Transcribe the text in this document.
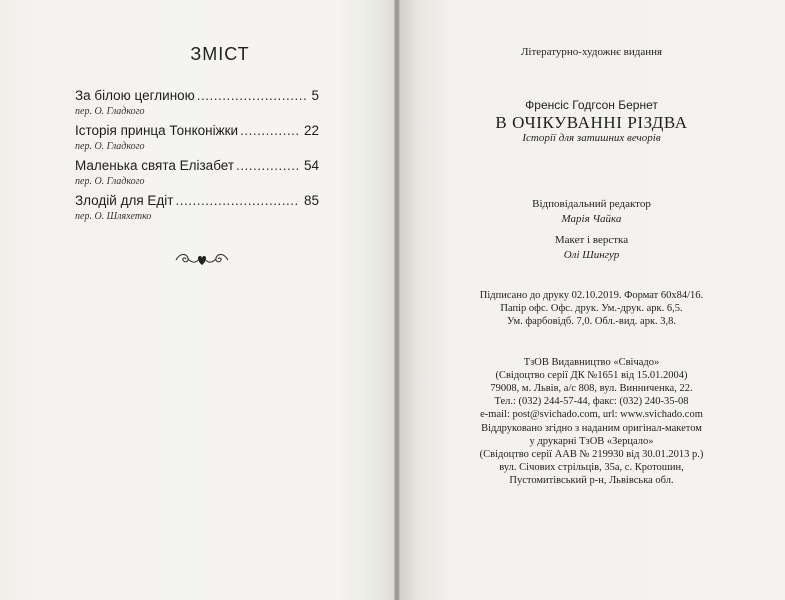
ЗМІСТ
За білою цеглиною .....	5
пер. О. Гладкого
Історія принца Тонконіжки .....	22
пер. О. Гладкого
Маленька свята Елізабет .....	54
пер. О. Гладкого
Злодій для Едіт .....	85
пер. О. Шляхетко
Літературно-художнє видання
Френсіс Годгсон Бернет
В ОЧІКУВАННІ РІЗДВА
Історії для затишних вечорів
Відповідальний редактор
Марія Чайка
Макет і верстка
Олі Шингур
Підписано до друку 02.10.2019. Формат 60х84/16.
Папір офс. Офс. друк. Ум.-друк. арк. 6,5.
Ум. фарбовідб. 7,0. Обл.-вид. арк. 3,8.
ТзОВ Видавництво «Свічадо»
(Свідоцтво серії ДК №1651 від 15.01.2004)
79008, м. Львів, а/с 808, вул. Винниченка, 22.
Тел.: (032) 244-57-44, факс: (032) 240-35-08
e-mail: post@svichado.com, url: www.svichado.com
Віддруковано згідно з наданим оригінал-макетом
у друкарні ТзОВ «Зерцало»
(Свідоцтво серії ААВ № 219930 від 30.01.2013 р.)
вул. Січових стрільців, 35а, с. Кротошин,
Пустомитівський р-н, Львівська обл.
